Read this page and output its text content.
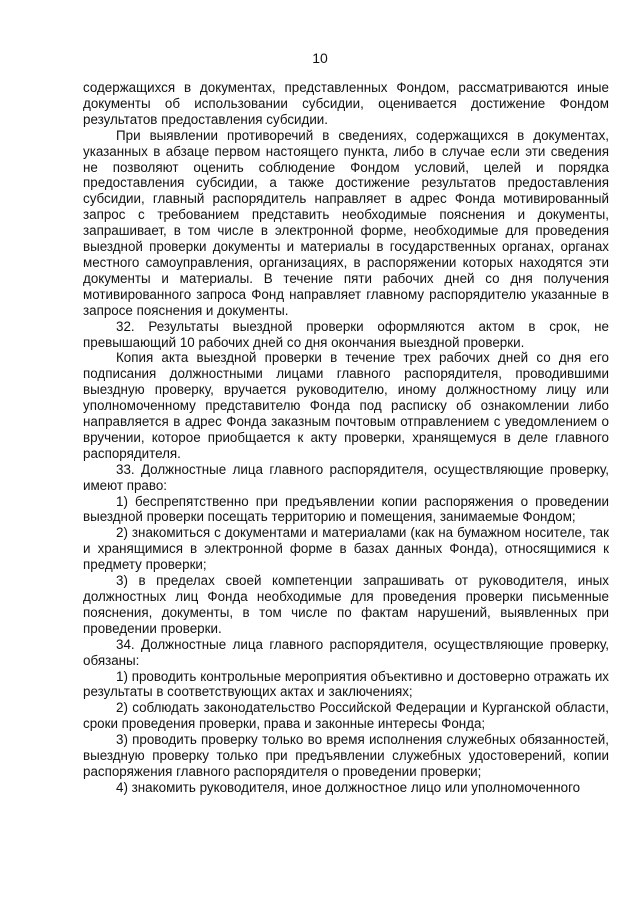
10

содержащихся в документах, представленных Фондом, рассматриваются иные документы об использовании субсидии, оценивается достижение Фондом результатов предоставления субсидии.

При выявлении противоречий в сведениях, содержащихся в документах, указанных в абзаце первом настоящего пункта, либо в случае если эти сведения не позволяют оценить соблюдение Фондом условий, целей и порядка предоставления субсидии, а также достижение результатов предоставления субсидии, главный распорядитель направляет в адрес Фонда мотивированный запрос с требованием представить необходимые пояснения и документы, запрашивает, в том числе в электронной форме, необходимые для проведения выездной проверки документы и материалы в государственных органах, органах местного самоуправления, организациях, в распоряжении которых находятся эти документы и материалы. В течение пяти рабочих дней со дня получения мотивированного запроса Фонд направляет главному распорядителю указанные в запросе пояснения и документы.

32. Результаты выездной проверки оформляются актом в срок, не превышающий 10 рабочих дней со дня окончания выездной проверки.

Копия акта выездной проверки в течение трех рабочих дней со дня его подписания должностными лицами главного распорядителя, проводившими выездную проверку, вручается руководителю, иному должностному лицу или уполномоченному представителю Фонда под расписку об ознакомлении либо направляется в адрес Фонда заказным почтовым отправлением с уведомлением о вручении, которое приобщается к акту проверки, хранящемуся в деле главного распорядителя.

33. Должностные лица главного распорядителя, осуществляющие проверку, имеют право:

1) беспрепятственно при предъявлении копии распоряжения о проведении выездной проверки посещать территорию и помещения, занимаемые Фондом;

2) знакомиться с документами и материалами (как на бумажном носителе, так и хранящимися в электронной форме в базах данных Фонда), относящимися к предмету проверки;

3) в пределах своей компетенции запрашивать от руководителя, иных должностных лиц Фонда необходимые для проведения проверки письменные пояснения, документы, в том числе по фактам нарушений, выявленных при проведении проверки.

34. Должностные лица главного распорядителя, осуществляющие проверку, обязаны:

1) проводить контрольные мероприятия объективно и достоверно отражать их результаты в соответствующих актах и заключениях;

2) соблюдать законодательство Российской Федерации и Курганской области, сроки проведения проверки, права и законные интересы Фонда;

3) проводить проверку только во время исполнения служебных обязанностей, выездную проверку только при предъявлении служебных удостоверений, копии распоряжения главного распорядителя о проведении проверки;

4) знакомить руководителя, иное должностное лицо или уполномоченного
